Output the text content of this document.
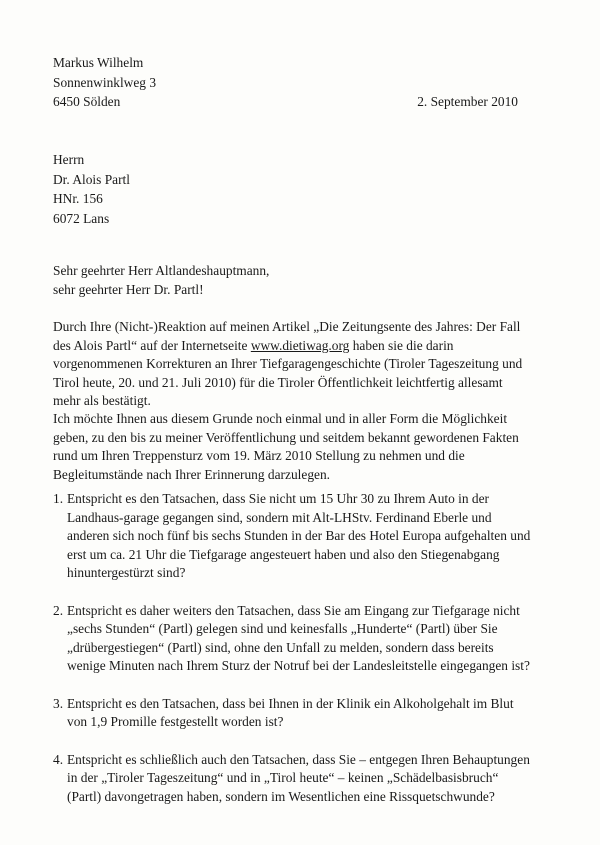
Markus Wilhelm
Sonnenwinklweg 3
6450 Sölden	2. September 2010
Herrn
Dr. Alois Partl
HNr. 156
6072 Lans
Sehr geehrter Herr Altlandeshauptmann,
sehr geehrter Herr Dr. Partl!

Durch Ihre (Nicht-)Reaktion auf meinen Artikel „Die Zeitungsente des Jahres: Der Fall des Alois Partl“ auf der Internetseite www.dietiwag.org haben sie die darin vorgenommenen Korrekturen an Ihrer Tiefgaragengeschichte (Tiroler Tageszeitung und Tirol heute, 20. und 21. Juli 2010) für die Tiroler Öffentlichkeit leichtfertig allesamt mehr als bestätigt.

Ich möchte Ihnen aus diesem Grunde noch einmal und in aller Form die Möglichkeit geben, zu den bis zu meiner Veröffentlichung und seitdem bekannt gewordenen Fakten rund um Ihren Treppensturz vom 19. März 2010 Stellung zu nehmen und die Begleitumstände nach Ihrer Erinnerung darzulegen.

1. Entspricht es den Tatsachen, dass Sie nicht um 15 Uhr 30 zu Ihrem Auto in der Landhaus-garage gegangen sind, sondern mit Alt-LHStv. Ferdinand Eberle und anderen sich noch fünf bis sechs Stunden in der Bar des Hotel Europa aufgehalten und erst um ca. 21 Uhr die Tiefgarage angesteuert haben und also den Stiegenabgang hinuntergestürzt sind?
2. Entspricht es daher weiters den Tatsachen, dass Sie am Eingang zur Tiefgarage nicht „sechs Stunden“ (Partl) gelegen sind und keinesfalls „Hunderte“ (Partl) über Sie „drübergestiegen“ (Partl) sind, ohne den Unfall zu melden, sondern dass bereits wenige Minuten nach Ihrem Sturz der Notruf bei der Landesleitstelle eingegangen ist?
3. Entspricht es den Tatsachen, dass bei Ihnen in der Klinik ein Alkoholgehalt im Blut von 1,9 Promille festgestellt worden ist?
4. Entspricht es schließlich auch den Tatsachen, dass Sie – entgegen Ihren Behauptungen in der „Tiroler Tageszeitung“ und in „Tirol heute“ – keinen „Schädelbasisbruch“ (Partl) davongetragen haben, sondern im Wesentlichen eine Rissquetschwunde?
